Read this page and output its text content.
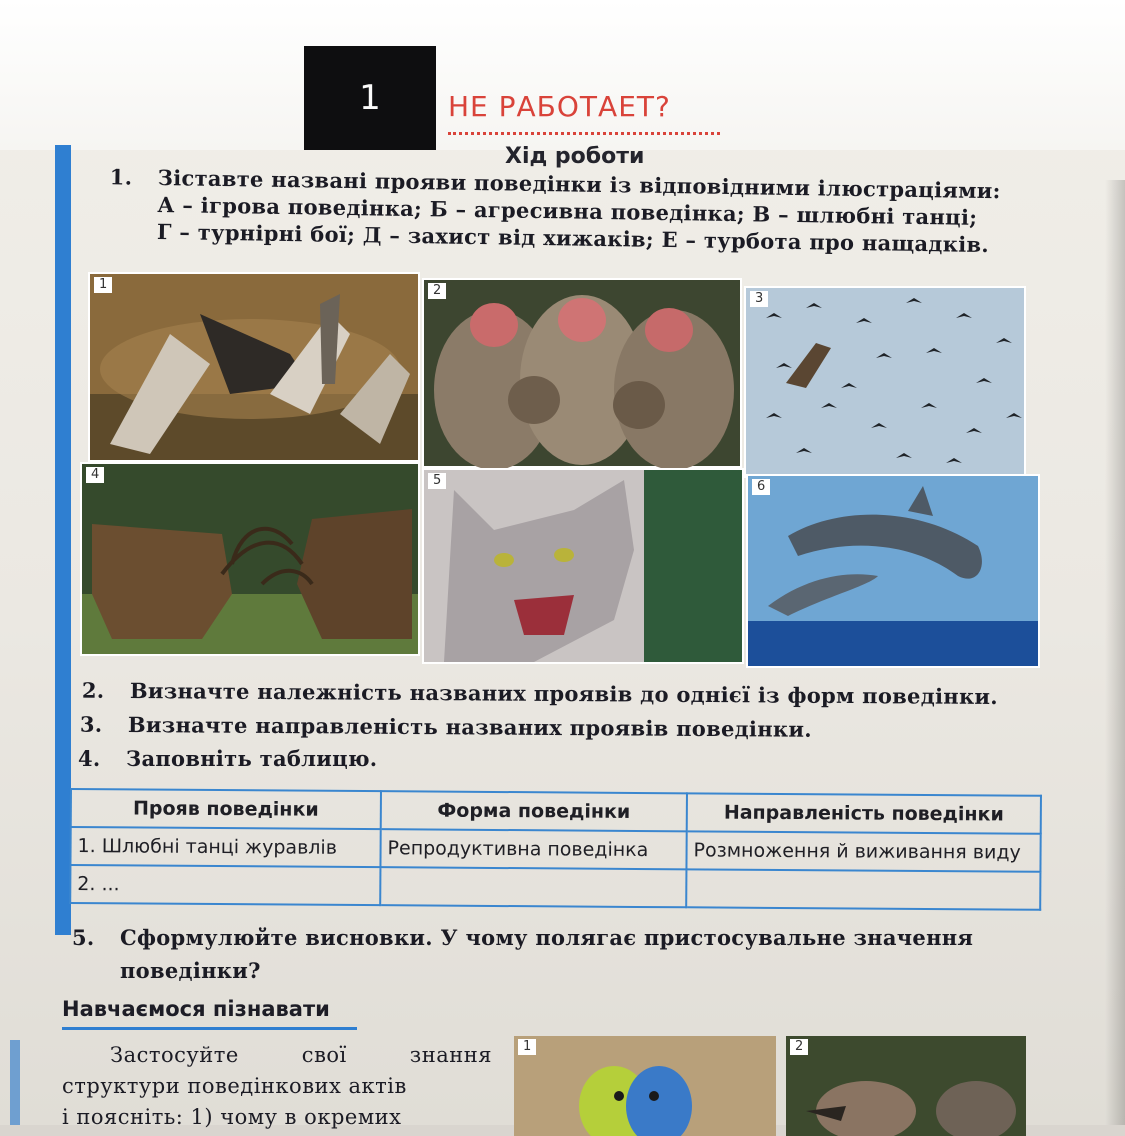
1 НЕ РАБОТАЕТ?
Хід роботи
1. Зіставте названі прояви поведінки із відповідними ілюстраціями:
А – ігрова поведінка; Б – агресивна поведінка; В – шлюбні танці;
Г – турнірні бої; Д – захист від хижаків; Е – турбота про нащадків.
1	2
3
4	5	6
2. Визначте належність названих проявів до однієї із форм поведінки.
3. Визначте направленість названих проявів поведінки.
4. Заповніть таблицю.
Прояв поведінки	Форма поведінки	Направленість поведінки
1. Шлюбні танці журавлів	Репродуктивна поведінка	Розмноження й виживання виду
2. ...		
5. Сформулюйте висновки. У чому полягає пристосувальне значення
поведінки?
Навчаємося пізнавати
Застосуйте свої знання
структури поведінкових актів
і поясніть: 1) чому в окремих
1	2
